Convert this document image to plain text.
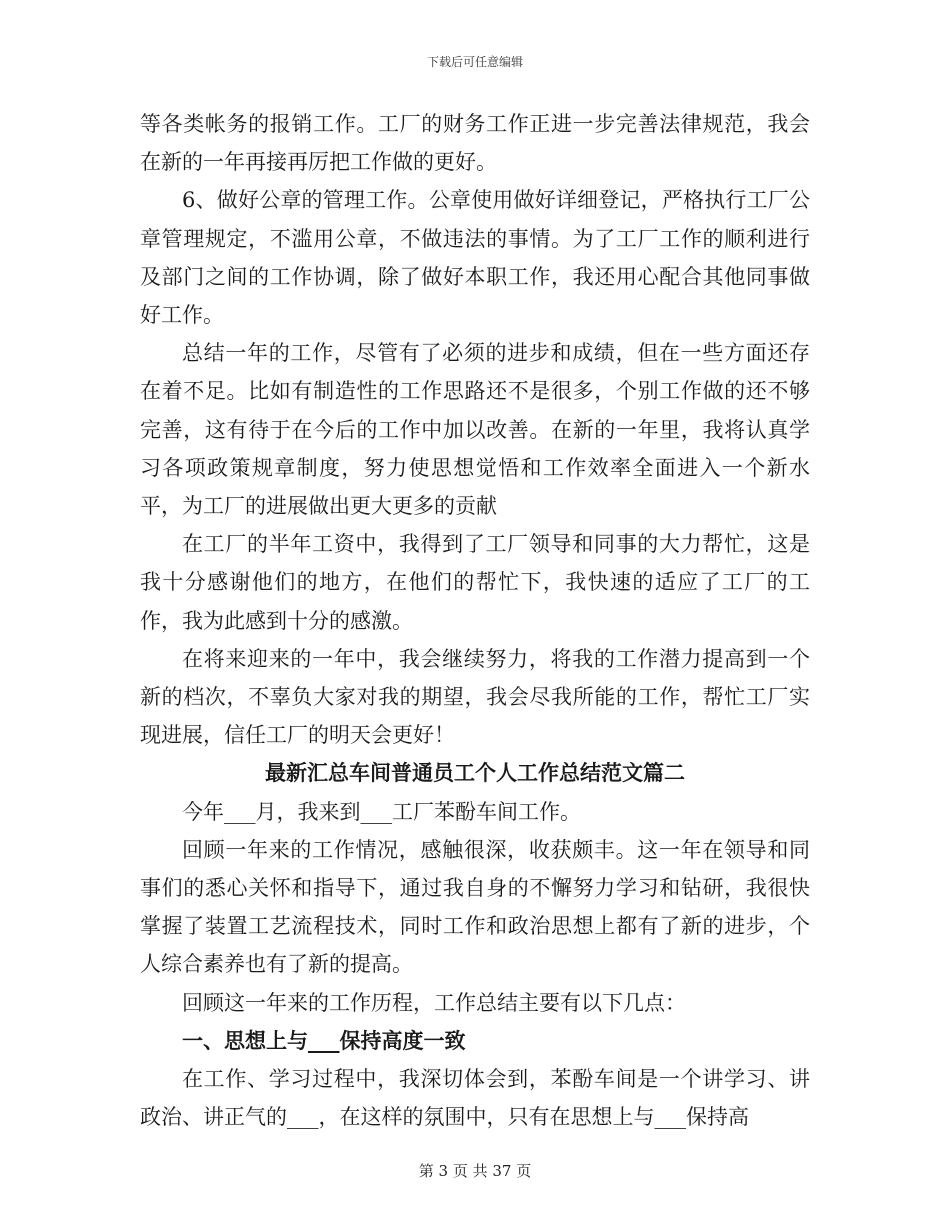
下载后可任意编辑

等各类帐务的报销工作。工厂的财务工作正进一步完善法律规范，我会在新的一年再接再厉把工作做的更好。

6、做好公章的管理工作。公章使用做好详细登记，严格执行工厂公章管理规定，不滥用公章，不做违法的事情。为了工厂工作的顺利进行及部门之间的工作协调，除了做好本职工作，我还用心配合其他同事做好工作。

总结一年的工作，尽管有了必须的进步和成绩，但在一些方面还存在着不足。比如有制造性的工作思路还不是很多，个别工作做的还不够完善，这有待于在今后的工作中加以改善。在新的一年里，我将认真学习各项政策规章制度，努力使思想觉悟和工作效率全面进入一个新水平，为工厂的进展做出更大更多的贡献

在工厂的半年工资中，我得到了工厂领导和同事的大力帮忙，这是我十分感谢他们的地方，在他们的帮忙下，我快速的适应了工厂的工作，我为此感到十分的感激。

在将来迎来的一年中，我会继续努力，将我的工作潜力提高到一个新的档次，不辜负大家对我的期望，我会尽我所能的工作，帮忙工厂实现进展，信任工厂的明天会更好！

最新汇总车间普通员工个人工作总结范文篇二

今年___月，我来到___工厂苯酚车间工作。

回顾一年来的工作情况，感触很深，收获颇丰。这一年在领导和同事们的悉心关怀和指导下，通过我自身的不懈努力学习和钻研，我很快掌握了装置工艺流程技术，同时工作和政治思想上都有了新的进步，个人综合素养也有了新的提高。

回顾这一年来的工作历程，工作总结主要有以下几点：

一、思想上与___保持高度一致

在工作、学习过程中，我深切体会到，苯酚车间是一个讲学习、讲政治、讲正气的___，在这样的氛围中，只有在思想上与___保持高

第 3 页 共 37 页
